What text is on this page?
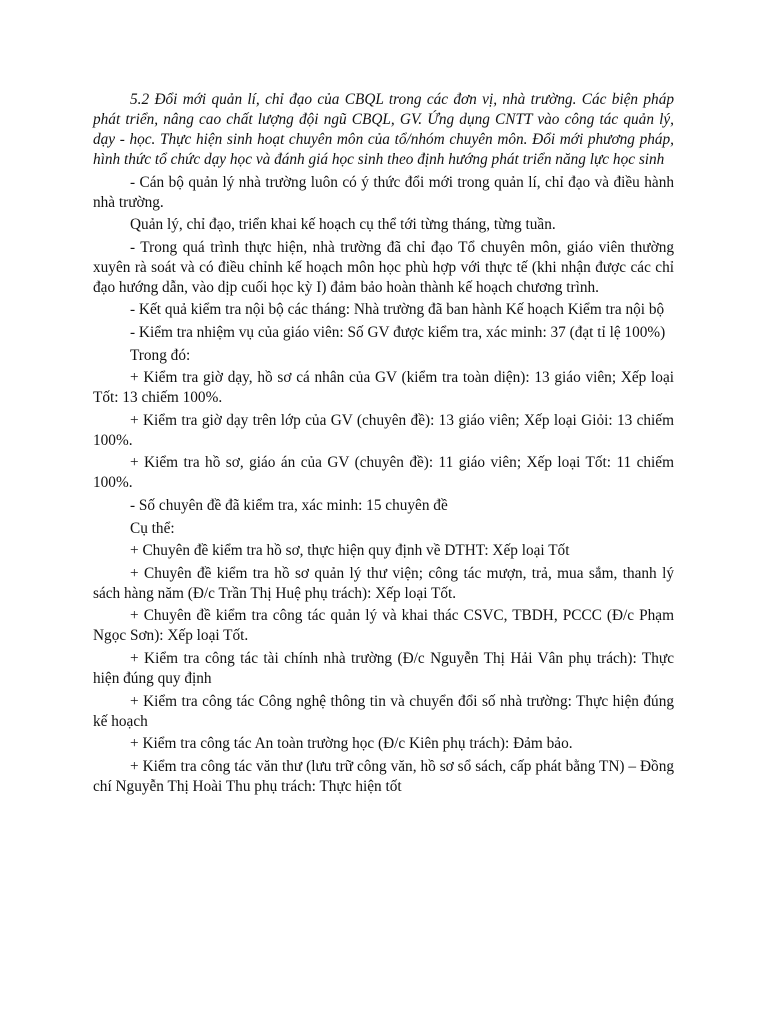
5.2 Đổi mới quản lí, chỉ đạo của CBQL trong các đơn vị, nhà trường. Các biện pháp phát triển, nâng cao chất lượng đội ngũ CBQL, GV. Ứng dụng CNTT vào công tác quản lý, dạy - học. Thực hiện sinh hoạt chuyên môn của tổ/nhóm chuyên môn. Đổi mới phương pháp, hình thức tổ chức dạy học và đánh giá học sinh theo định hướng phát triển năng lực học sinh

- Cán bộ quản lý nhà trường luôn có ý thức đổi mới trong quản lí, chỉ đạo và điều hành nhà trường.

Quản lý, chỉ đạo, triển khai kế hoạch cụ thể tới từng tháng, từng tuần.

- Trong quá trình thực hiện, nhà trường đã chỉ đạo Tổ chuyên môn, giáo viên thường xuyên rà soát và có điều chỉnh kế hoạch môn học phù hợp với thực tế (khi nhận được các chỉ đạo hướng dẫn, vào dịp cuối học kỳ I) đảm bảo hoàn thành kế hoạch chương trình.

- Kết quả kiểm tra nội bộ các tháng: Nhà trường đã ban hành Kế hoạch Kiểm tra nội bộ

- Kiểm tra nhiệm vụ của giáo viên: Số GV được kiểm tra, xác minh: 37 (đạt tỉ lệ 100%)

Trong đó:

+ Kiểm tra giờ dạy, hồ sơ cá nhân của GV (kiểm tra toàn diện): 13 giáo viên; Xếp loại Tốt: 13 chiếm 100%.

+ Kiểm tra giờ dạy trên lớp của GV (chuyên đề): 13 giáo viên; Xếp loại Giỏi: 13 chiếm 100%.

+ Kiểm tra hồ sơ, giáo án của GV (chuyên đề): 11 giáo viên; Xếp loại Tốt: 11 chiếm 100%.

- Số chuyên đề đã kiểm tra, xác minh: 15 chuyên đề

Cụ thể:

+ Chuyên đề kiểm tra hồ sơ, thực hiện quy định về DTHT: Xếp loại Tốt

+ Chuyên đề kiểm tra hồ sơ quản lý thư viện; công tác mượn, trả, mua sắm, thanh lý sách hàng năm (Đ/c Trần Thị Huệ phụ trách): Xếp loại Tốt.

+ Chuyên đề kiểm tra công tác quản lý và khai thác CSVC, TBDH, PCCC (Đ/c Phạm Ngọc Sơn): Xếp loại Tốt.

+ Kiểm tra công tác tài chính nhà trường (Đ/c Nguyễn Thị Hải Vân phụ trách): Thực hiện đúng quy định

+ Kiểm tra công tác Công nghệ thông tin và chuyển đổi số nhà trường: Thực hiện đúng kế hoạch

+ Kiểm tra công tác An toàn trường học (Đ/c Kiên phụ trách): Đảm bảo.

+ Kiểm tra công tác văn thư (lưu trữ công văn, hồ sơ sổ sách, cấp phát bằng TN) – Đồng chí Nguyễn Thị Hoài Thu phụ trách: Thực hiện tốt
